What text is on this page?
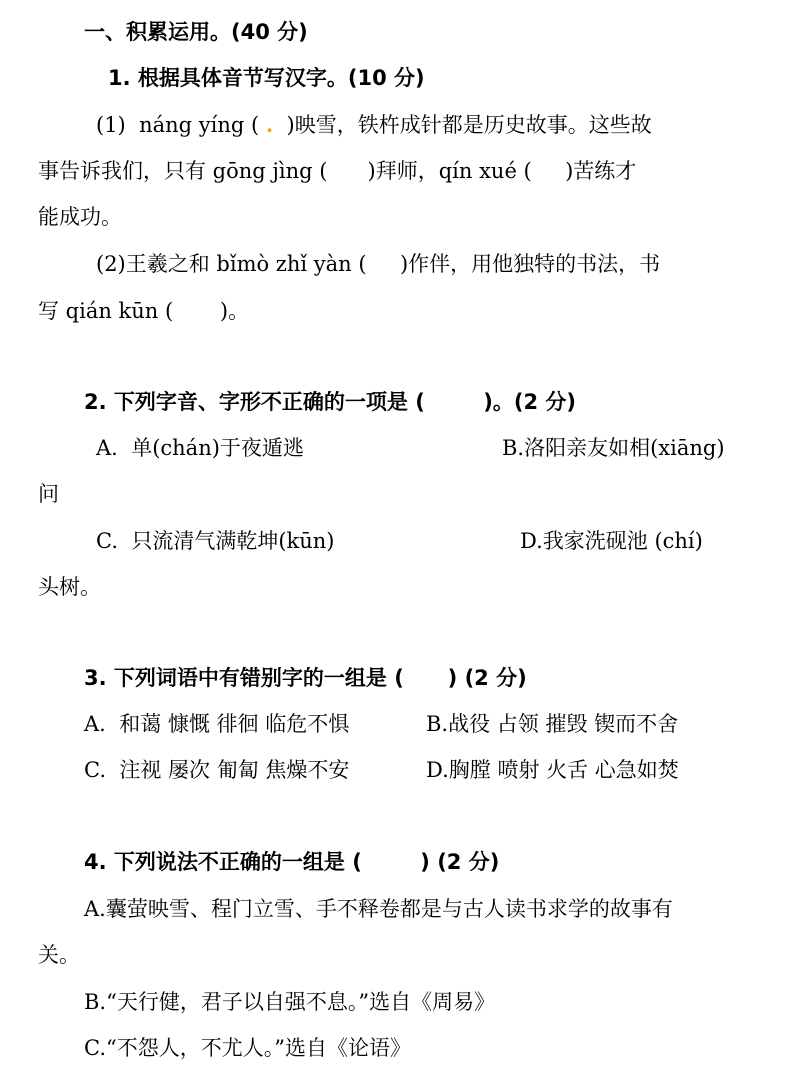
一、积累运用。(40 分)
1. 根据具体音节写汉字。(10 分)
(1)  náng yíng ( .  )映雪，铁杵成针都是历史故事。这些故
事告诉我们，只有 gōng jìng (      )拜师，qín xué (     )苦练才
能成功。
(2)王羲之和 bǐmò zhǐ yàn (     )作伴，用他独特的书法，书
写 qián kūn (       )。
2. 下列字音、字形不正确的一项是 (        )。(2 分)
A.  单(chán)于夜遁逃	B.洛阳亲友如相(xiāng)
问
C.  只流清气满乾坤(kūn)	D.我家洗砚池 (chí)
头树。
3. 下列词语中有错别字的一组是 (      ) (2 分)
A.  和蔼 慷慨 徘徊 临危不惧	B.战役 占领 摧毁 锲而不舍
C.  注视 屡次 匍匐 焦燥不安	D.胸膛 喷射 火舌 心急如焚
4. 下列说法不正确的一组是 (        ) (2 分)
A.囊萤映雪、程门立雪、手不释卷都是与古人读书求学的故事有
关。
B.“天行健，君子以自强不息。”选自《周易》
C.“不怨人，不尤人。”选自《论语》
